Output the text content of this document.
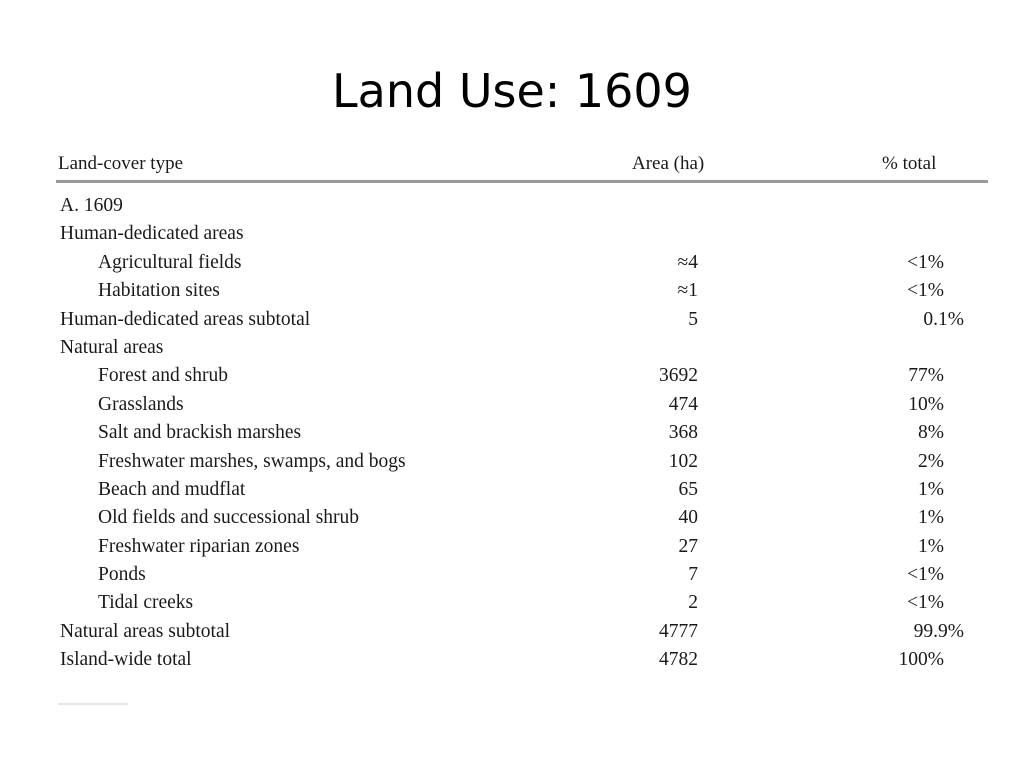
Land Use: 1609
Land-cover type	Area (ha)	% total
A. 1609
Human-dedicated areas
Agricultural fields	≈4	<1%
Habitation sites	≈1	<1%
Human-dedicated areas subtotal	5	0.1%
Natural areas
Forest and shrub	3692	77%
Grasslands	474	10%
Salt and brackish marshes	368	8%
Freshwater marshes, swamps, and bogs	102	2%
Beach and mudflat	65	1%
Old fields and successional shrub	40	1%
Freshwater riparian zones	27	1%
Ponds	7	<1%
Tidal creeks	2	<1%
Natural areas subtotal	4777	99.9%
Island-wide total	4782	100%
